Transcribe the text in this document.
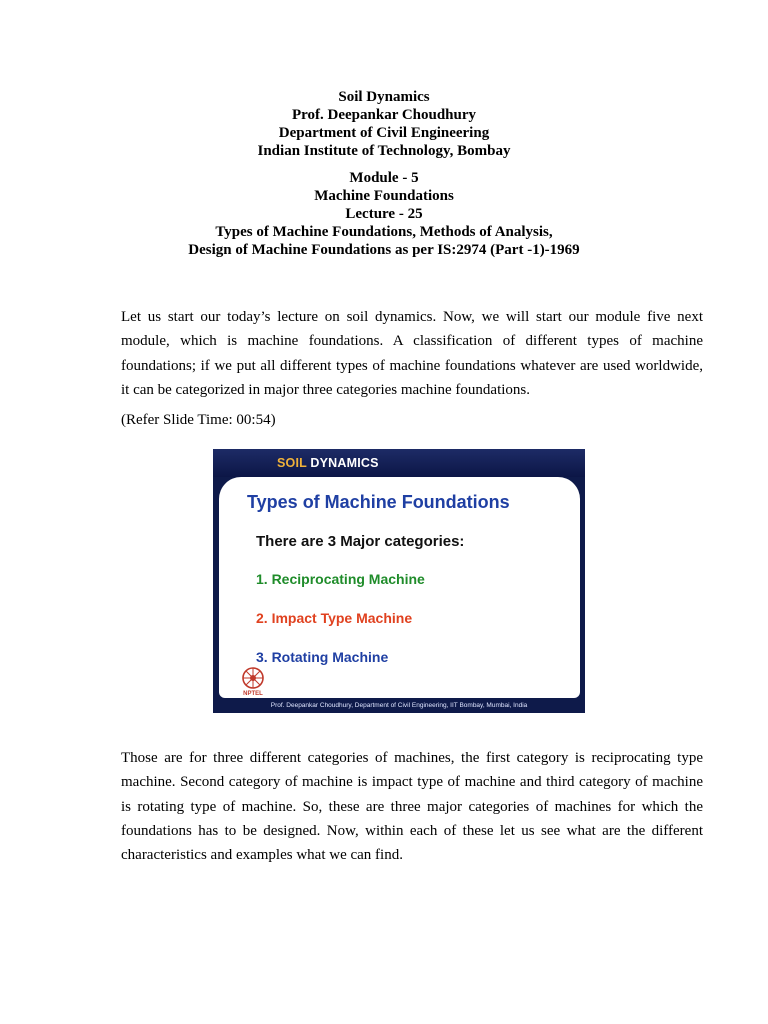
Soil Dynamics
Prof. Deepankar Choudhury
Department of Civil Engineering
Indian Institute of Technology, Bombay
Module - 5
Machine Foundations
Lecture - 25
Types of Machine Foundations, Methods of Analysis,
Design of Machine Foundations as per IS:2974 (Part -1)-1969

Let us start our today’s lecture on soil dynamics. Now, we will start our module five next module, which is machine foundations. A classification of different types of machine foundations; if we put all different types of machine foundations whatever are used worldwide, it can be categorized in major three categories machine foundations.

(Refer Slide Time: 00:54)
SOIL DYNAMICS
Types of Machine Foundations
There are 3 Major categories:
1. Reciprocating Machine
2. Impact Type Machine
3. Rotating Machine
NPTEL
Prof. Deepankar Choudhury, Department of Civil Engineering, IIT Bombay, Mumbai, India

Those are for three different categories of machines, the first category is reciprocating type machine. Second category of machine is impact type of machine and third category of machine is rotating type of machine. So, these are three major categories of machines for which the foundations has to be designed. Now, within each of these let us see what are the different characteristics and examples what we can find.
